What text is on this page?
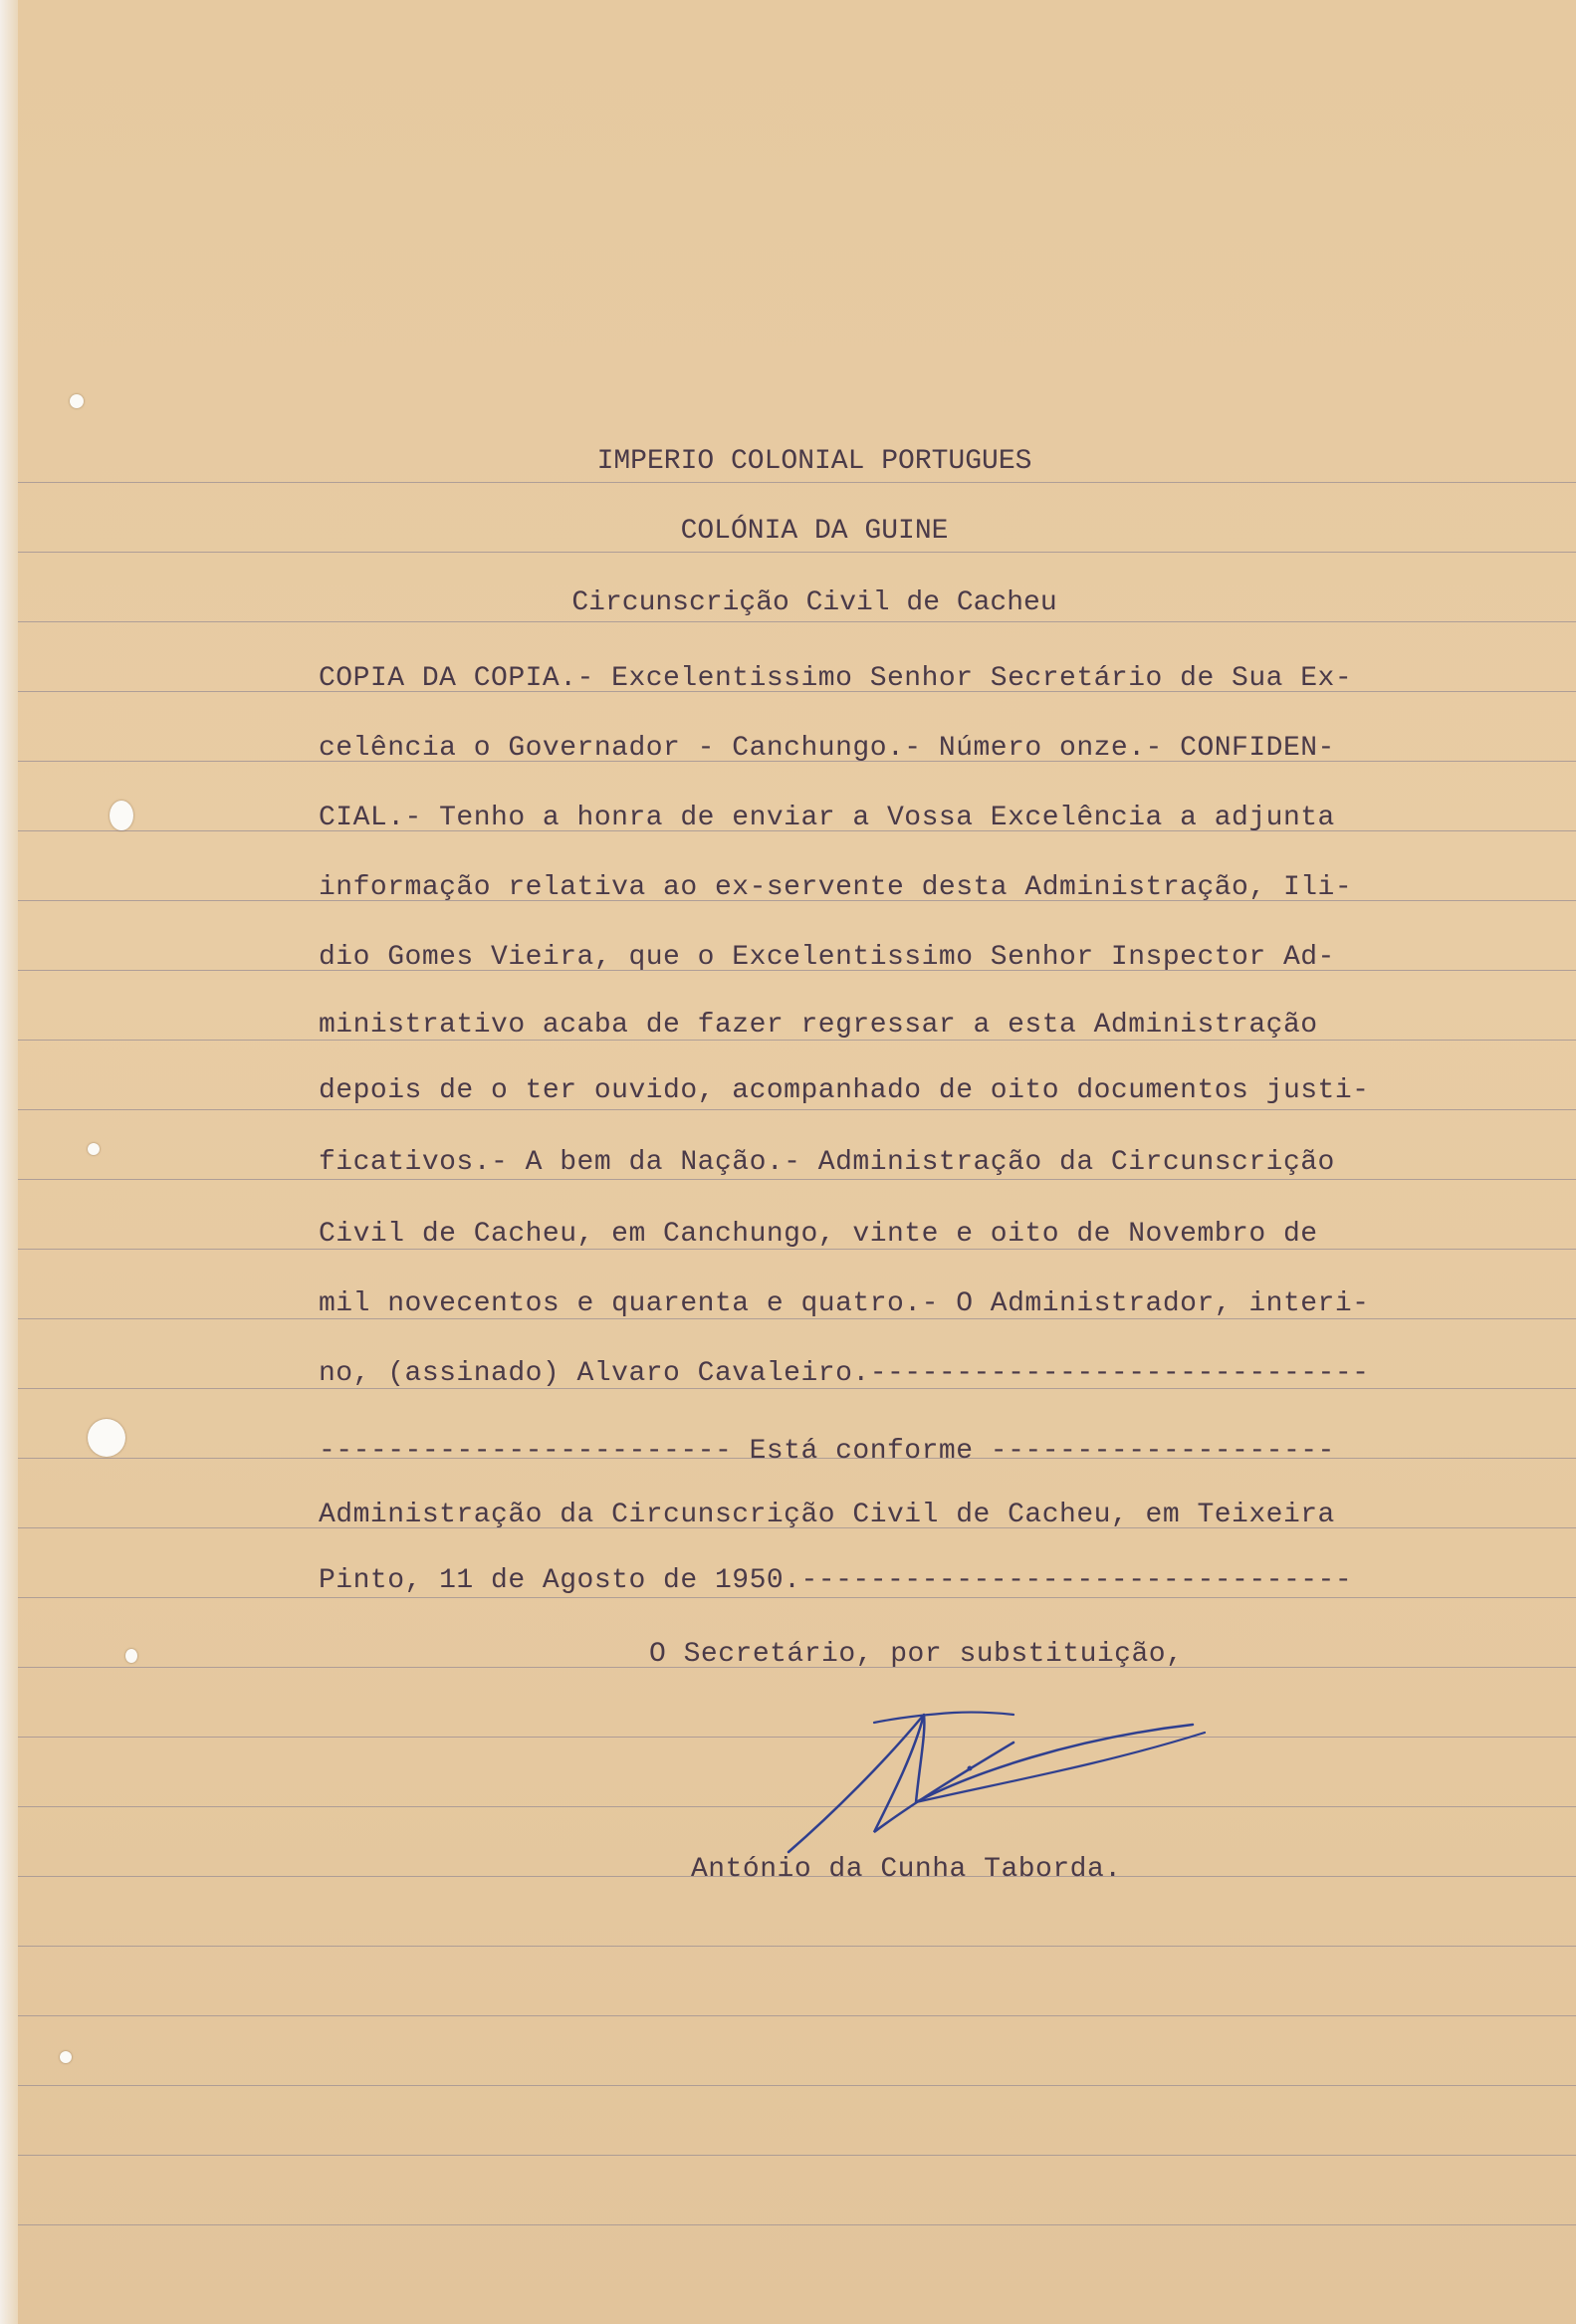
IMPERIO COLONIAL PORTUGUES
COLÓNIA DA GUINE
Circunscrição Civil de Cacheu
COPIA DA COPIA.- Excelentissimo Senhor Secretário de Sua Ex-
celência o Governador - Canchungo.- Número onze.- CONFIDEN-
CIAL.- Tenho a honra de enviar a Vossa Excelência a adjunta
informação relativa ao ex-servente desta Administração, Ili-
dio Gomes Vieira, que o Excelentissimo Senhor Inspector Ad-
ministrativo acaba de fazer regressar a esta Administração
depois de o ter ouvido, acompanhado de oito documentos justi-
ficativos.- A bem da Nação.- Administração da Circunscrição
Civil de Cacheu, em Canchungo, vinte e oito de Novembro de
mil novecentos e quarenta e quatro.- O Administrador, interi-
no, (assinado) Alvaro Cavaleiro.-----------------------------
------------------------ Está conforme --------------------
Administração da Circunscrição Civil de Cacheu, em Teixeira
Pinto, 11 de Agosto de 1950.--------------------------------
O Secretário, por substituição,
António da Cunha Taborda.
